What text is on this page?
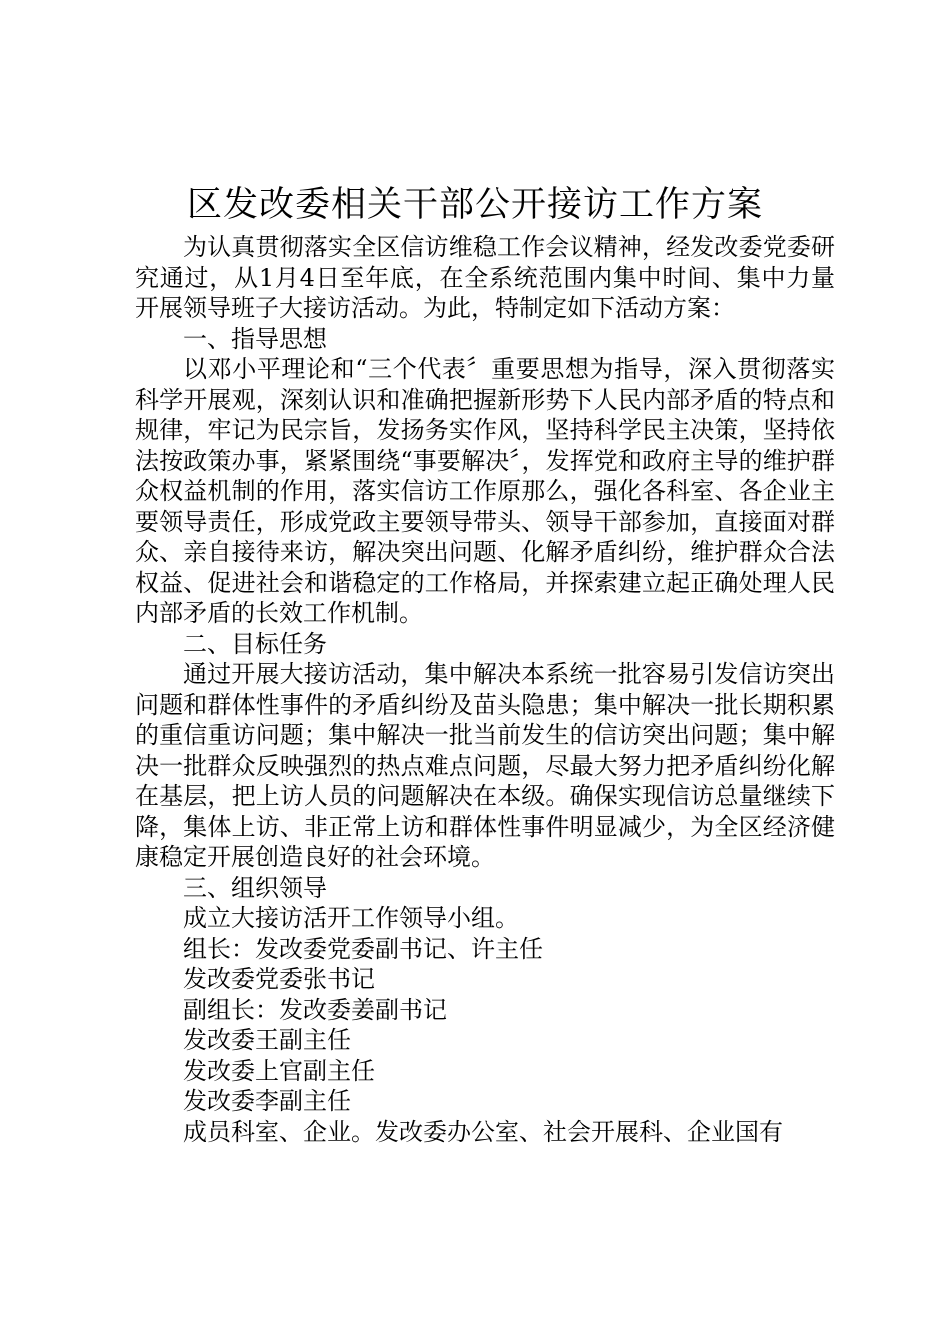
区发改委相关干部公开接访工作方案

为认真贯彻落实全区信访维稳工作会议精神，经发改委党委研究通过，从1月4日至年底，在全系统范围内集中时间、集中力量开展领导班子大接访活动。为此，特制定如下活动方案：

一、指导思想

以邓小平理论和“三个代表〞重要思想为指导，深入贯彻落实科学开展观，深刻认识和准确把握新形势下人民内部矛盾的特点和规律，牢记为民宗旨，发扬务实作风，坚持科学民主决策，坚持依法按政策办事，紧紧围绕“事要解决〞，发挥党和政府主导的维护群众权益机制的作用，落实信访工作原那么，强化各科室、各企业主要领导责任，形成党政主要领导带头、领导干部参加，直接面对群众、亲自接待来访，解决突出问题、化解矛盾纠纷，维护群众合法权益、促进社会和谐稳定的工作格局，并探索建立起正确处理人民内部矛盾的长效工作机制。

二、目标任务

通过开展大接访活动，集中解决本系统一批容易引发信访突出问题和群体性事件的矛盾纠纷及苗头隐患；集中解决一批长期积累的重信重访问题；集中解决一批当前发生的信访突出问题；集中解决一批群众反映强烈的热点难点问题，尽最大努力把矛盾纠纷化解在基层，把上访人员的问题解决在本级。确保实现信访总量继续下降，集体上访、非正常上访和群体性事件明显减少，为全区经济健康稳定开展创造良好的社会环境。

三、组织领导

成立大接访活开工作领导小组。

组长：发改委党委副书记、许主任

发改委党委张书记

副组长：发改委姜副书记

发改委王副主任

发改委上官副主任

发改委李副主任

成员科室、企业。发改委办公室、社会开展科、企业国有
